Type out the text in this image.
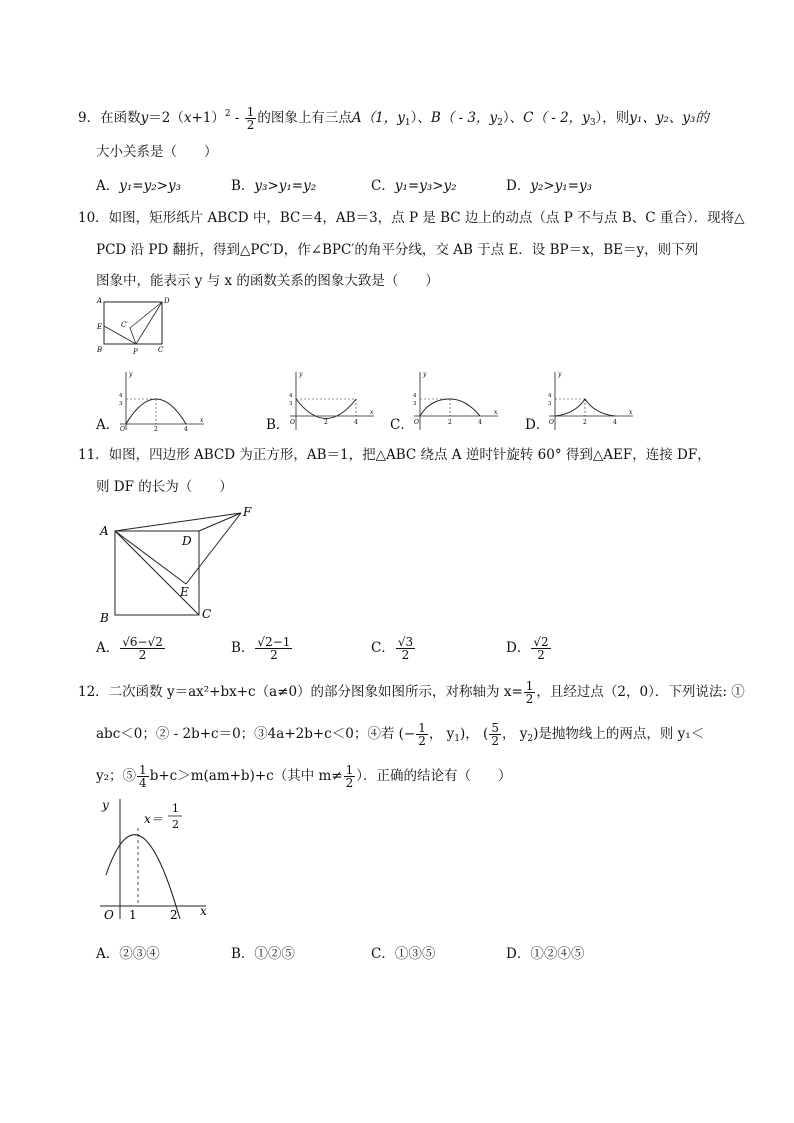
9．在函数$y=2(x+1)^2 - \frac{1}{2}$ 的图象上有三点A（1，$y_1$）、B（ - 3，$y_2$）、C（ - 2，$y_3$），则y₁、y₂、y₃的
大小关系是（　　）
A．y₁=y₂>y₃	B．y₃>y₁=y₂	C．y₁=y₃>y₂	D．y₂>y₁=y₃
10．如图，矩形纸片 ABCD 中，BC＝4，AB＝3，点 P 是 BC 边上的动点（点 P 不与点 B、C 重合）．现将△
PCD 沿 PD 翻折，得到△PC′D，作∠BPC′的角平分线，交 AB 于点 E．设 BP＝x，BE＝y，则下列
图象中，能表示 y 与 x 的函数关系的图象大致是（　　）
A	D
E	C′
B	P	C
A．
y
x
O	2	4
4
3
B．
y
x
O	2	4
4
3
C．
y
x
O	2	4
4
3
D．
y
x
O	2	4
4
3
11．如图，四边形 ABCD 为正方形，AB＝1，把△ABC 绕点 A 逆时针旋转 60° 得到△AEF，连接 DF，
则 DF 的长为（　　）
A
D
F
E
B	C
A． $\frac{√6-√2}{2}$	B． $\frac{√2-1}{2}$	C． $\frac{√3}{2}$	D． $\frac{√2}{2}$
12．二次函数 y＝ax²+bx+c（a≠0）的部分图象如图所示，对称轴为 $x= \frac{1}{2}$ ，且经过点（2，0）．下列说法: ①
abc＜0；② - 2b+c＝0；③4a+2b+c＜0；④若 (− $\frac{1}{2}$ ， $y_1$)， ( $\frac{5}{2}$ ， $y_2$)是抛物线上的两点，则 y₁＜
y₂；⑤ $\frac{1}{4} b+c>m(am+b)+c$（其中 $m\ne \frac{1}{2}$ ）．正确的结论有（　　）
y
x
O 1	2
x＝
1
2
A．②③④	B．①②⑤	C．①③⑤	D．①②④⑤
